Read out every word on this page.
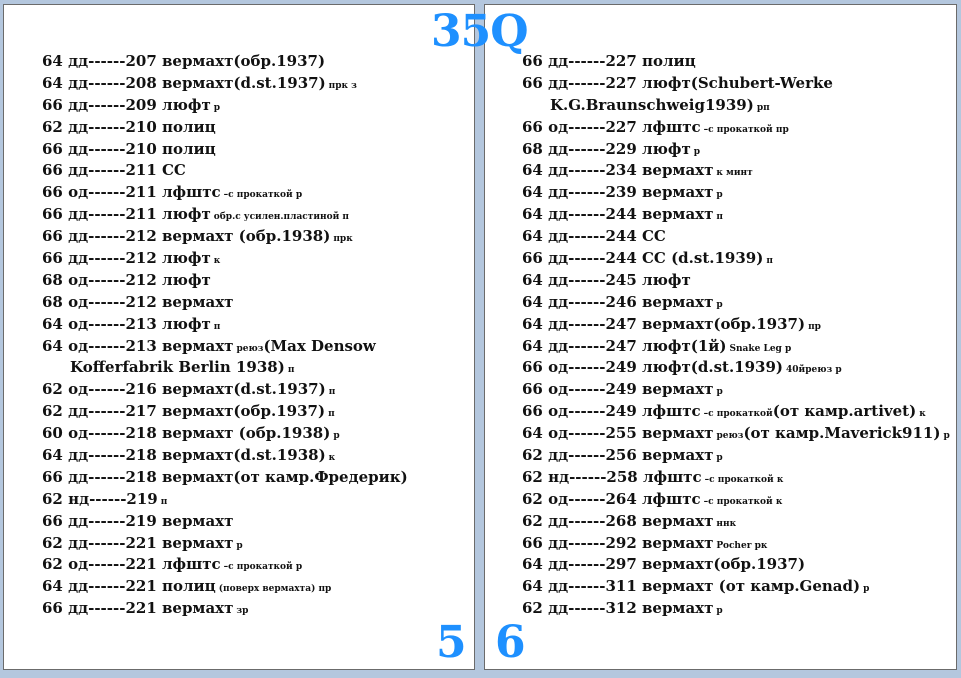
64 дд------207 вермахт(обр.1937)
64 дд------208 вермахт(d.st.1937) прк з
66 дд------209 люфт р
62 дд------210 полиц
66 дд------210 полиц
66 дд------211 СС
66 од------211 лфштс –с прокаткой р
66 дд------211 люфт обр.с усилен.пластиной п
66 дд------212 вермахт (обр.1938) прк
66 дд------212 люфт к
68 од------212 люфт
68 од------212 вермахт
64 од------213 люфт п
64 од------213 вермахт реюз(Max Densow
Kofferfabrik Berlin 1938) п
62 од------216 вермахт(d.st.1937) п
62 дд------217 вермахт(обр.1937) п
60 од------218 вермахт (обр.1938) р
64 дд------218 вермахт(d.st.1938) к
66 дд------218 вермахт(от камр.Фредерик)
62 нд------219 п
66 дд------219 вермахт
62 дд------221 вермахт р
62 од------221 лфштс –с прокаткой р
64 дд------221 полиц (поверх вермахта) пр
66 дд------221 вермахт зр
66 дд------227 полиц
66 дд------227 люфт(Schubert-Werke
K.G.Braunschweig1939) рп
66 од------227 лфштс –с прокаткой пр
68 дд------229 люфт р
64 дд------234 вермахт к минт
64 дд------239 вермахт р
64 дд------244 вермахт п
64 дд------244 СС
66 дд------244 СС (d.st.1939) п
64 дд------245 люфт
64 дд------246 вермахт р
64 дд------247 вермахт(обр.1937) пр
64 дд------247 люфт(1й) Snake Leg р
66 од------249 люфт(d.st.1939) 40йреюз р
66 од------249 вермахт р
66 од------249 лфштс –с прокаткой(от камр.artivet) к
64 од------255 вермахт реюз(от камр.Maverick911) р
62 дд------256 вермахт р
62 нд------258 лфштс –с прокаткой к
62 од------264 лфштс –с прокаткой к
62 дд------268 вермахт ннк
66 дд------292 вермахт Pocher рк
64 дд------297 вермахт(обр.1937)
64 дд------311 вермахт (от камр.Genad) р
62 дд------312 вермахт р
35Q
5 6
